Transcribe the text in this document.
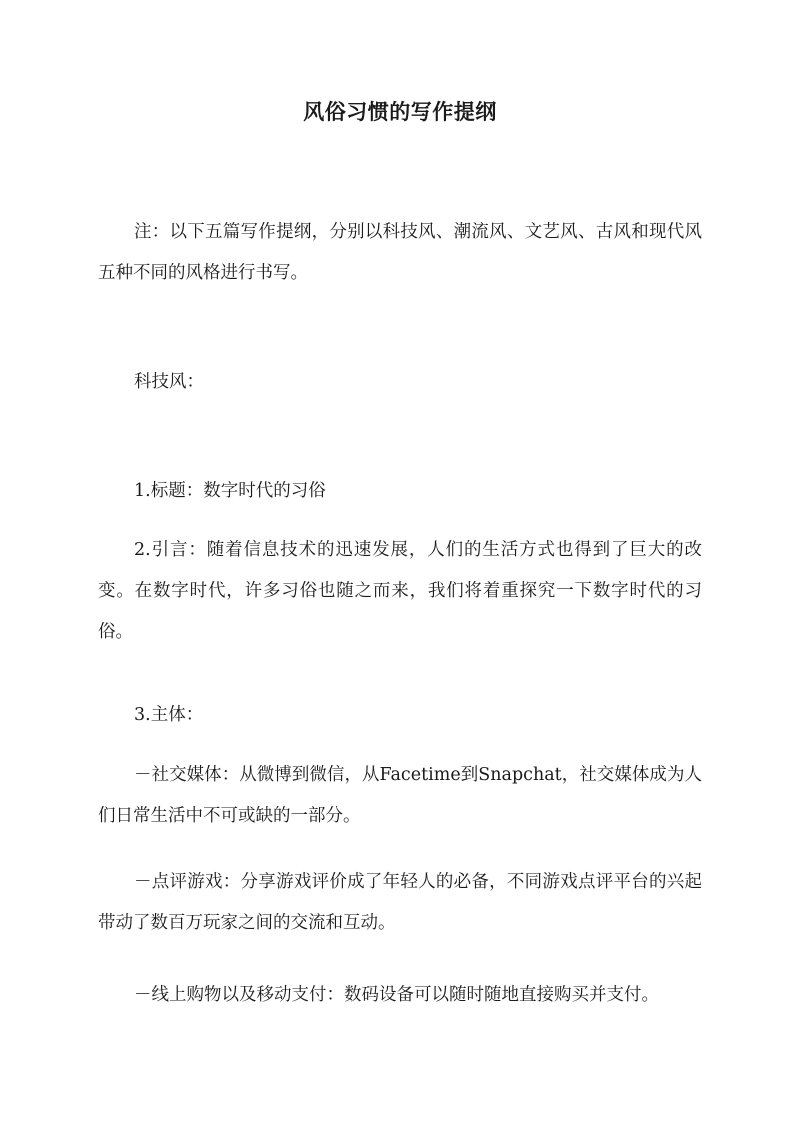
风俗习惯的写作提纲

注：以下五篇写作提纲，分别以科技风、潮流风、文艺风、古风和现代风五种不同的风格进行书写。

科技风：

1.标题：数字时代的习俗

2.引言：随着信息技术的迅速发展，人们的生活方式也得到了巨大的改变。在数字时代，许多习俗也随之而来，我们将着重探究一下数字时代的习俗。

3.主体：

－社交媒体：从微博到微信，从Facetime到Snapchat，社交媒体成为人们日常生活中不可或缺的一部分。

－点评游戏：分享游戏评价成了年轻人的必备，不同游戏点评平台的兴起带动了数百万玩家之间的交流和互动。

－线上购物以及移动支付：数码设备可以随时随地直接购买并支付。
